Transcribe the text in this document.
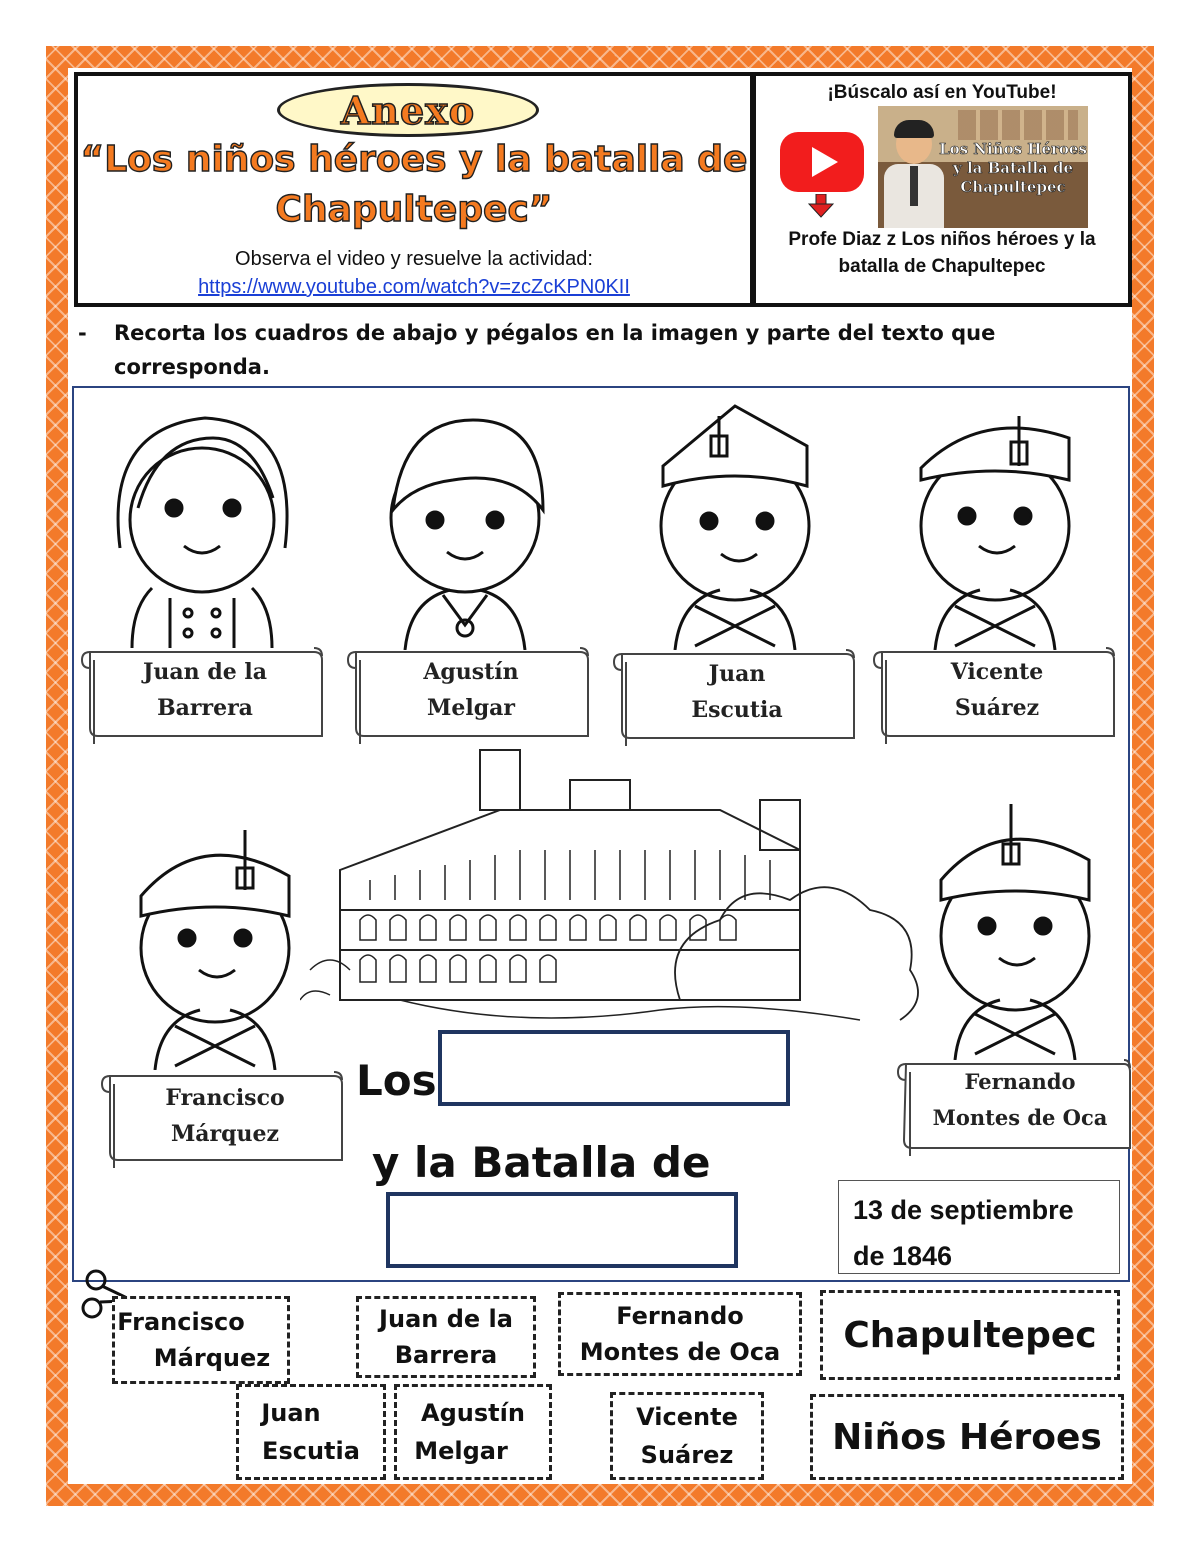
Anexo
“Los niños héroes y la batalla de
Chapultepec”
Observa el video y resuelve la actividad:
https://www.youtube.com/watch?v=zcZcKPN0KII
¡Búscalo así en YouTube!
Los Niños Héroes y la Batalla de Chapultepec
Profe Diaz z Los niños héroes y la
batalla de Chapultepec
-	Recorta los cuadros de abajo y pégalos en la imagen y parte del texto que corresponda.
Juan de la
Barrera
Agustín
Melgar
Juan
Escutia
Vicente
Suárez
Francisco
Márquez
Fernando
Montes de Oca
Los
y la Batalla de
13 de septiembre
de 1846
Francisco
Márquez
Juan de la
Barrera
Fernando
Montes de Oca Chapultepec
Juan
Escutia
Agustín
Melgar
Vicente
Suárez	Niños Héroes
